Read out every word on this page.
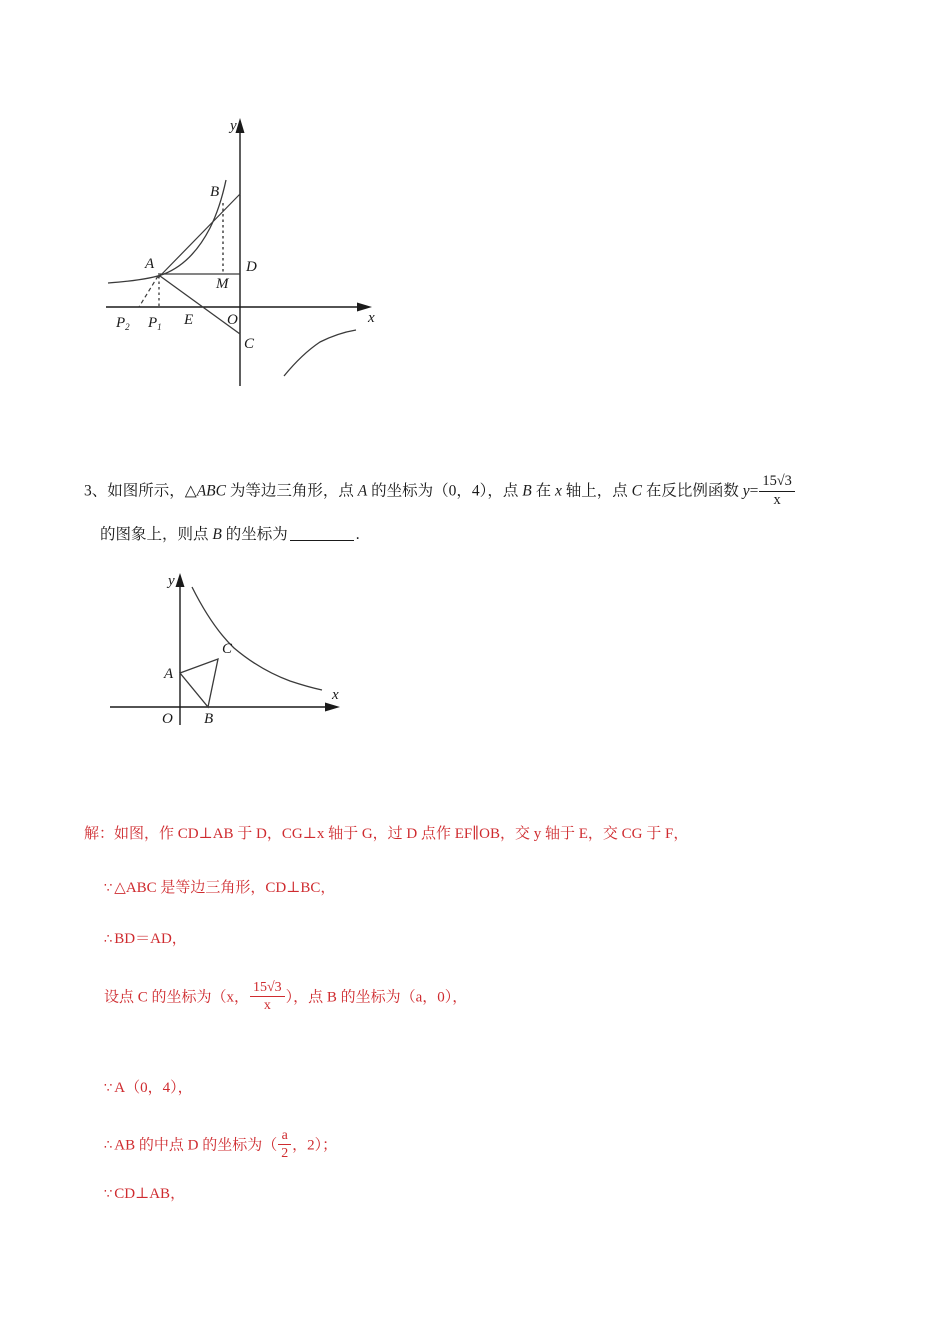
y
x
A
B
C
D
E
M
O
$P_1$
$P_2$
y
x
A
B
C
O
3、如图所示，△ABC 为等边三角形，点 A 的坐标为（0，4），点 B 在 x 轴上，点 C 在反比例函数 $y= \frac{15√3}{x}$
的图象上，则点 B 的坐标为	.
解：如图，作 CD⊥AB 于 D，CG⊥x 轴于 G，过 D 点作 EF∥OB，交 y 轴于 E，交 CG 于 F，
∵ △ABC 是等边三角形，CD⊥BC，
∴ BD＝AD，
设点 C 的坐标为（x， $\frac{15√3}{x}$ ），点 B 的坐标为（a，0），
∵ A（0，4），
∴ AB 的中点 D 的坐标为（ $\frac{a}{2}$ ，2）；
∵ CD⊥AB，
